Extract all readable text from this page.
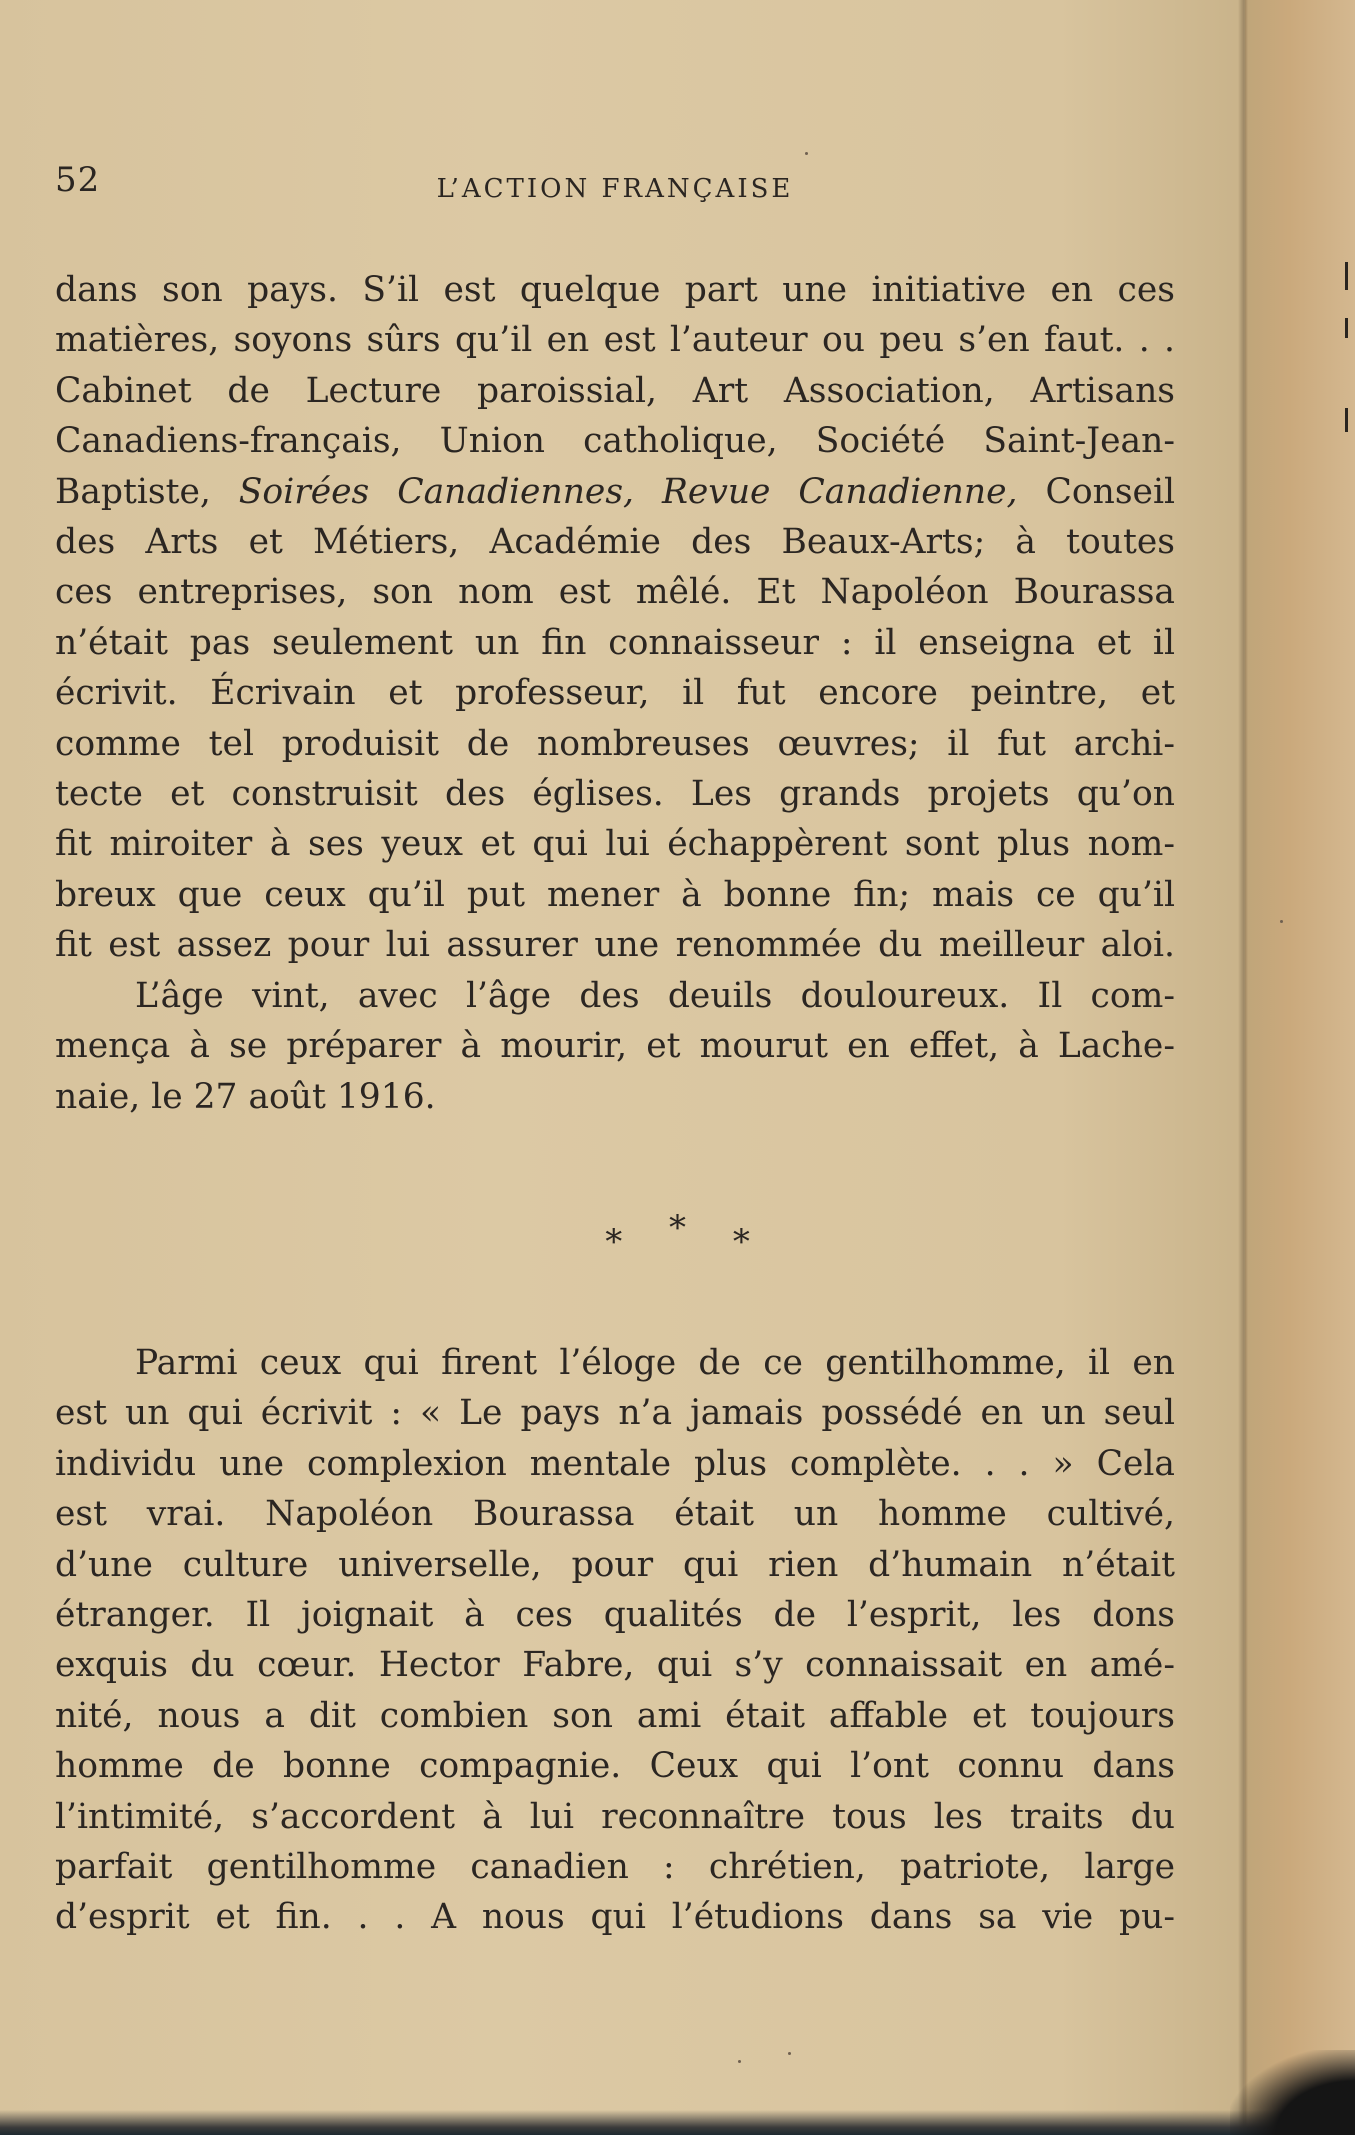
52	L’ACTION FRANÇAISE
dans son pays. S’il est quelque part une initiative en ces
matières, soyons sûrs qu’il en est l’auteur ou peu s’en faut. . .
Cabinet de Lecture paroissial, Art Association, Artisans
Canadiens-français, Union catholique, Société Saint-Jean-
Baptiste, Soirées Canadiennes, Revue Canadienne, Conseil
des Arts et Métiers, Académie des Beaux-Arts; à toutes
ces entreprises, son nom est mêlé. Et Napoléon Bourassa
n’était pas seulement un fin connaisseur : il enseigna et il
écrivit. Écrivain et professeur, il fut encore peintre, et
comme tel produisit de nombreuses œuvres; il fut archi-
tecte et construisit des églises. Les grands projets qu’on
fit miroiter à ses yeux et qui lui échappèrent sont plus nom-
breux que ceux qu’il put mener à bonne fin; mais ce qu’il
fit est assez pour lui assurer une renommée du meilleur aloi.
L’âge vint, avec l’âge des deuils douloureux. Il com-
mença à se préparer à mourir, et mourut en effet, à Lache-
naie, le 27 août 1916.
* * *
Parmi ceux qui firent l’éloge de ce gentilhomme, il en
est un qui écrivit : « Le pays n’a jamais possédé en un seul
individu une complexion mentale plus complète. . . » Cela
est vrai. Napoléon Bourassa était un homme cultivé,
d’une culture universelle, pour qui rien d’humain n’était
étranger. Il joignait à ces qualités de l’esprit, les dons
exquis du cœur. Hector Fabre, qui s’y connaissait en amé-
nité, nous a dit combien son ami était affable et toujours
homme de bonne compagnie. Ceux qui l’ont connu dans
l’intimité, s’accordent à lui reconnaître tous les traits du
parfait gentilhomme canadien : chrétien, patriote, large
d’esprit et fin. . . A nous qui l’étudions dans sa vie pu-
